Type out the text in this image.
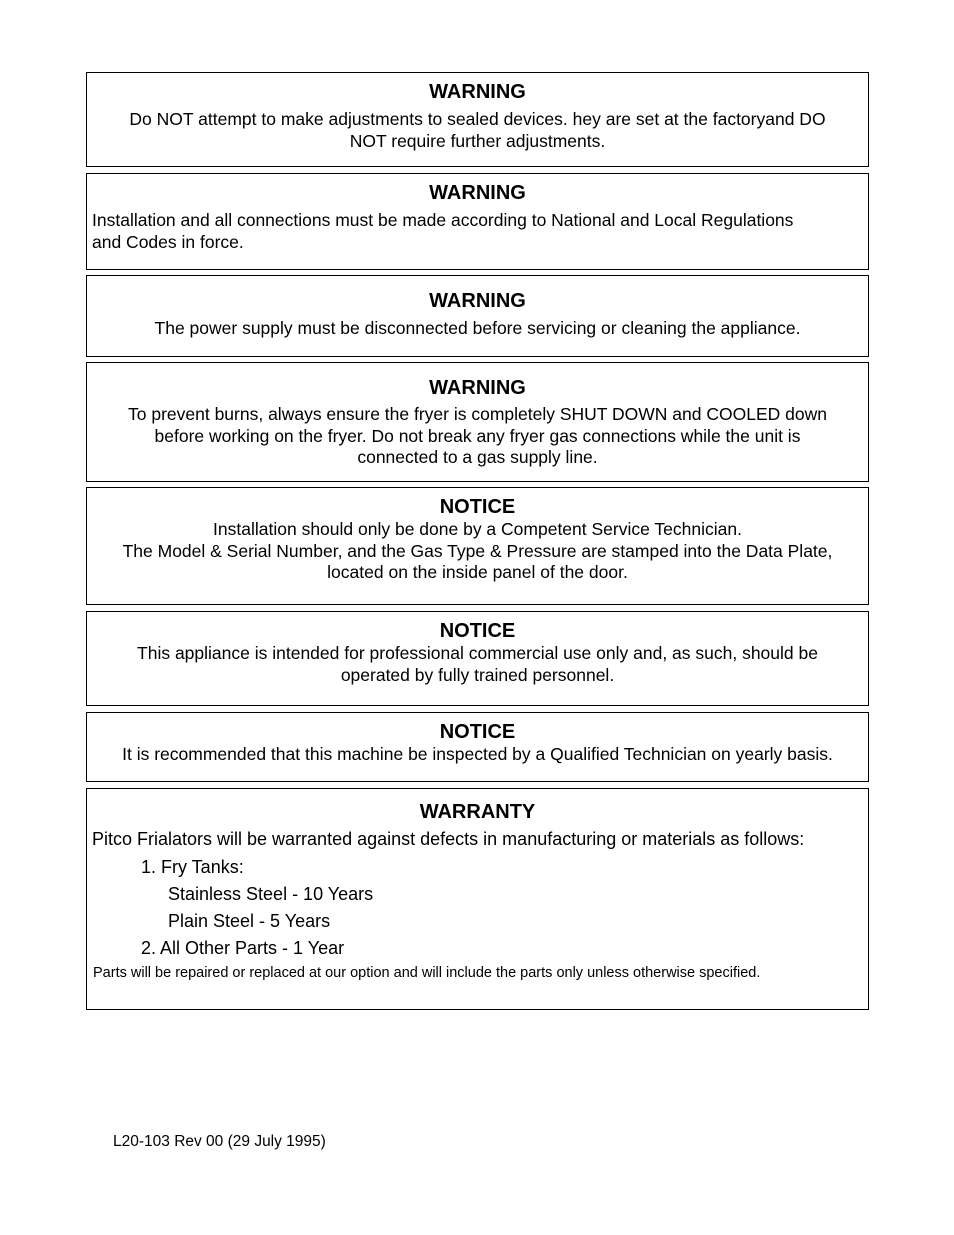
WARNING
Do NOT attempt to make adjustments to sealed devices. hey are set at the factoryand DO
NOT require further adjustments.
WARNING
Installation and all connections must be made according to National and Local Regulations
and Codes in force.
WARNING
The power supply must be disconnected before servicing or cleaning the appliance.
WARNING
To prevent burns, always ensure the fryer is completely SHUT DOWN and COOLED down
before working on the fryer. Do not break any fryer gas connections while the unit is
connected to a gas supply line.
NOTICE
Installation should only be done by a Competent Service Technician.
The Model & Serial Number, and the Gas Type & Pressure are stamped into the Data Plate,
located on the inside panel of the door.
NOTICE
This appliance is intended for professional commercial use only and, as such, should be
operated by fully trained personnel.
NOTICE
It is recommended that this machine be inspected by a Qualified Technician on yearly basis.
WARRANTY
Pitco Frialators will be warranted against defects in manufacturing or materials as follows:
1. Fry Tanks:
Stainless Steel - 10 Years
Plain Steel - 5 Years
2. All Other Parts - 1 Year
Parts will be repaired or replaced at our option and will include the parts only unless otherwise specified.
L20-103 Rev 00 (29 July 1995)
